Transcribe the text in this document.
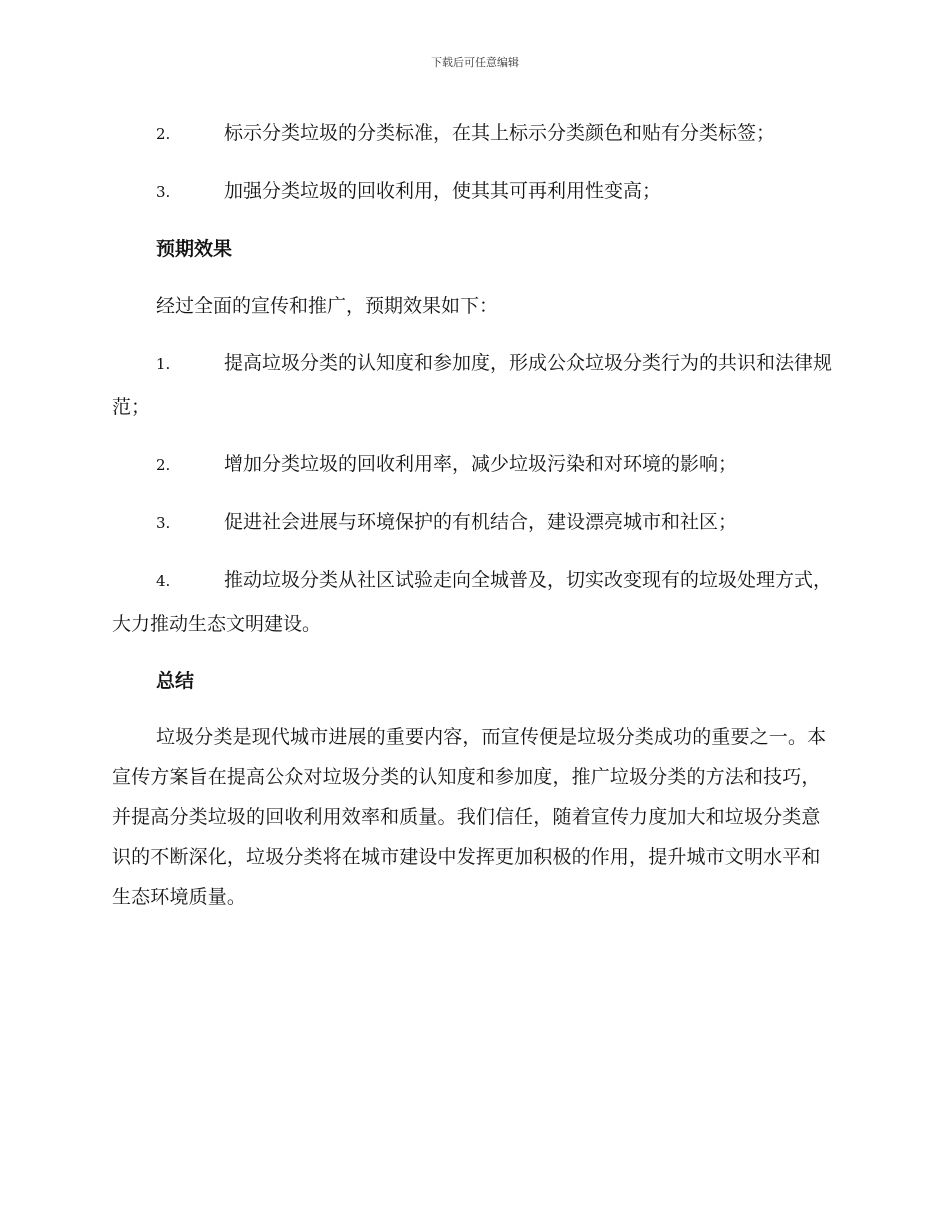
下载后可任意编辑

2.	标示分类垃圾的分类标准，在其上标示分类颜色和贴有分类标签；

3.	加强分类垃圾的回收利用，使其其可再利用性变高；

预期效果

经过全面的宣传和推广，预期效果如下：

1.	提高垃圾分类的认知度和参加度，形成公众垃圾分类行为的共识和法律规范；

2.	增加分类垃圾的回收利用率，减少垃圾污染和对环境的影响；

3.	促进社会进展与环境保护的有机结合，建设漂亮城市和社区；

4.	推动垃圾分类从社区试验走向全城普及，切实改变现有的垃圾处理方式，大力推动生态文明建设。

总结

垃圾分类是现代城市进展的重要内容，而宣传便是垃圾分类成功的重要之一。本宣传方案旨在提高公众对垃圾分类的认知度和参加度，推广垃圾分类的方法和技巧，并提高分类垃圾的回收利用效率和质量。我们信任，随着宣传力度加大和垃圾分类意识的不断深化，垃圾分类将在城市建设中发挥更加积极的作用，提升城市文明水平和生态环境质量。
